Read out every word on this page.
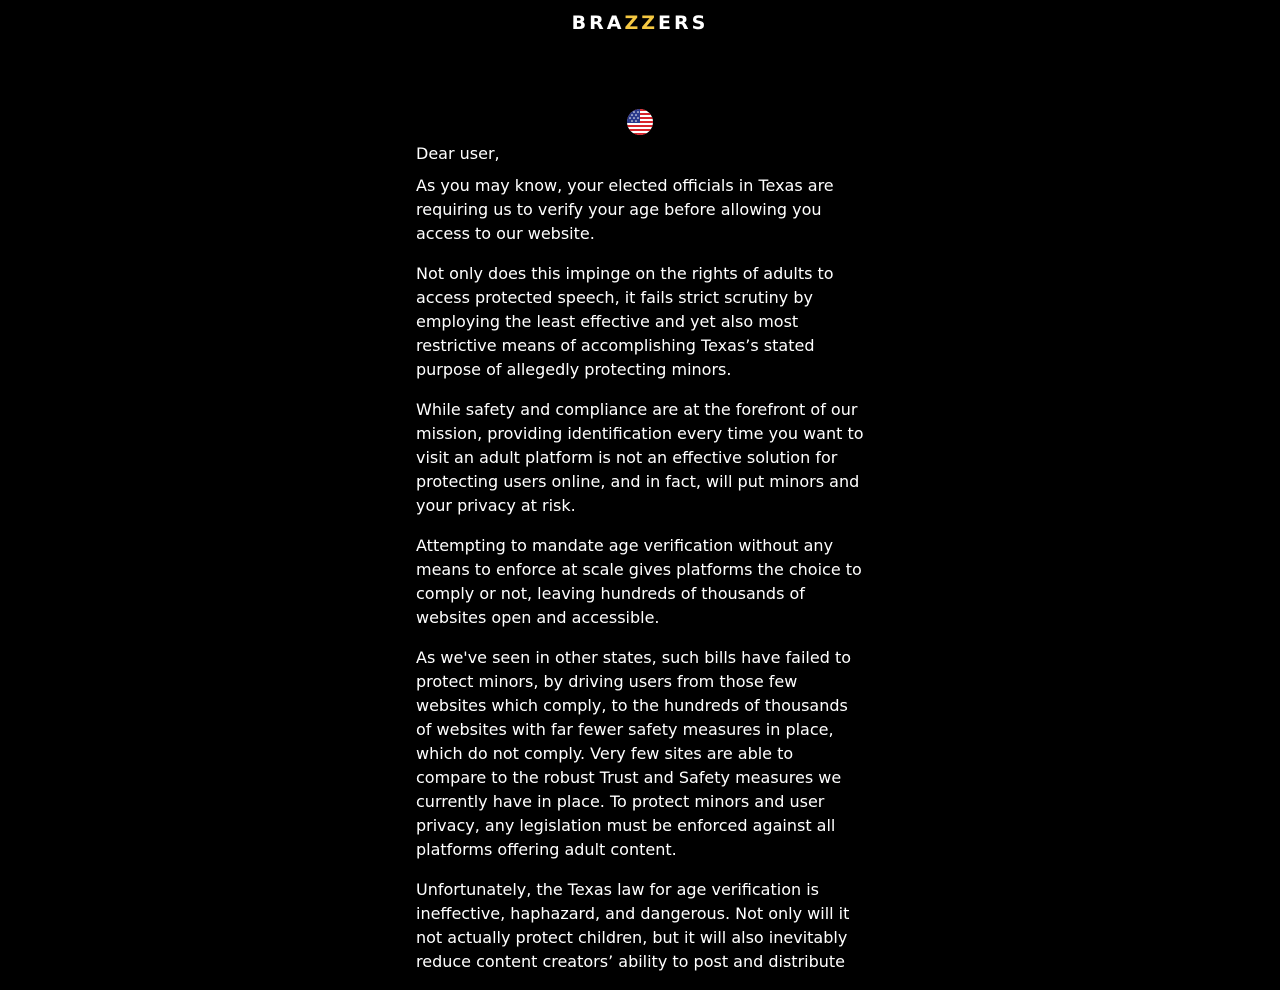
BRAZZERS

Dear user,

As you may know, your elected officials in Texas are requiring us to verify your age before allowing you access to our website.

Not only does this impinge on the rights of adults to access protected speech, it fails strict scrutiny by employing the least effective and yet also most restrictive means of accomplishing Texas’s stated purpose of allegedly protecting minors.

While safety and compliance are at the forefront of our mission, providing identification every time you want to visit an adult platform is not an effective solution for protecting users online, and in fact, will put minors and your privacy at risk.

Attempting to mandate age verification without any means to enforce at scale gives platforms the choice to comply or not, leaving hundreds of thousands of websites open and accessible.

As we've seen in other states, such bills have failed to protect minors, by driving users from those few websites which comply, to the hundreds of thousands of websites with far fewer safety measures in place, which do not comply. Very few sites are able to compare to the robust Trust and Safety measures we currently have in place. To protect minors and user privacy, any legislation must be enforced against all platforms offering adult content.

Unfortunately, the Texas law for age verification is ineffective, haphazard, and dangerous. Not only will it not actually protect children, but it will also inevitably reduce content creators’ ability to post and distribute
